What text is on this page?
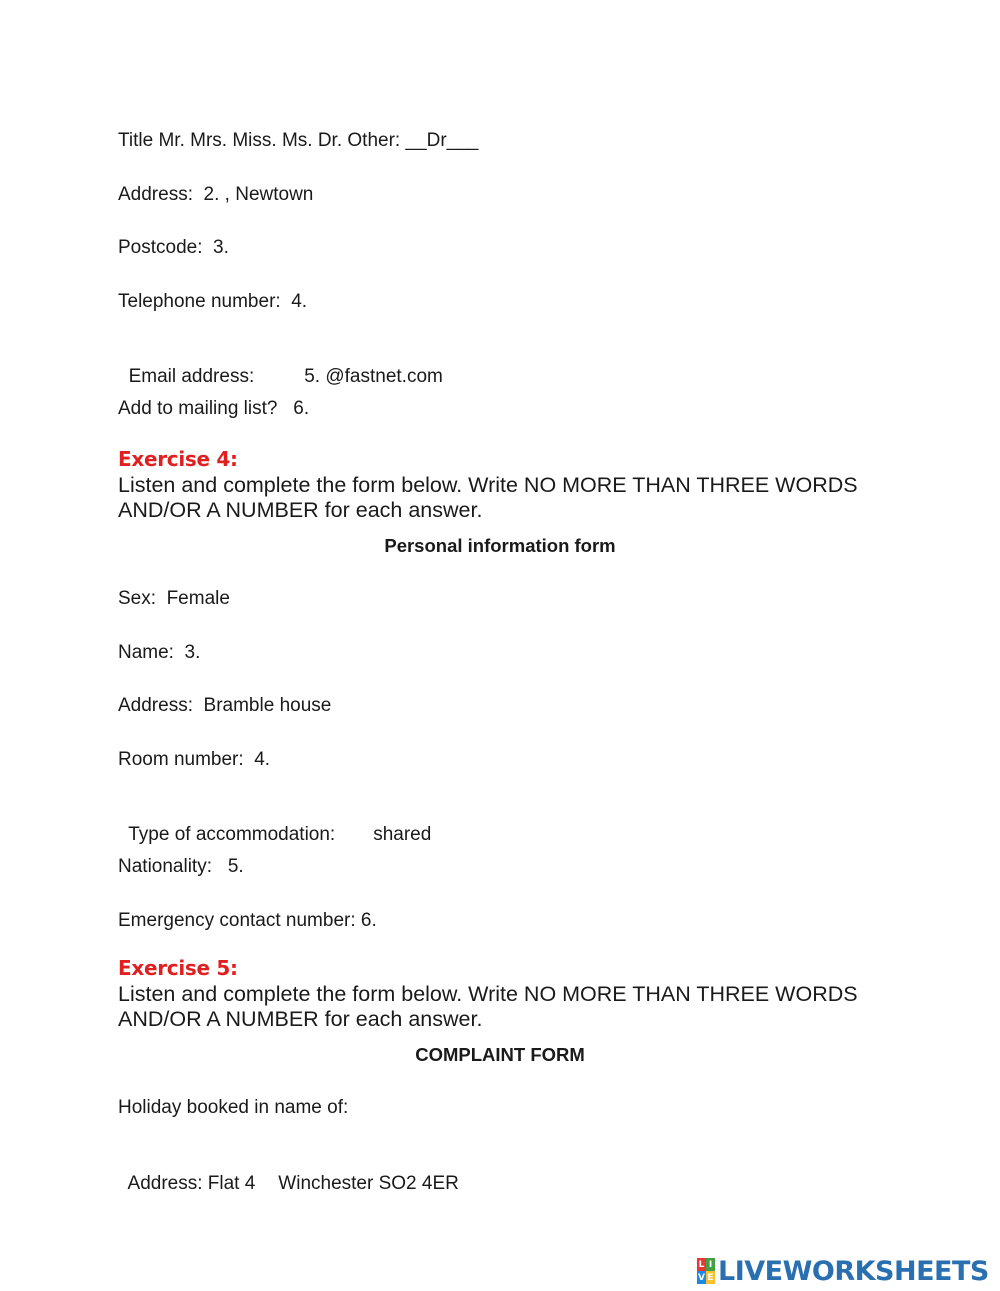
Title Mr. Mrs. Miss. Ms. Dr. Other: __Dr___
Address:  2. , Newtown
Postcode:  3.
Telephone number:  4.

Email address:	5. @fastnet.com

Add to mailing list?   6.
Exercise 4:
Listen and complete the form below. Write NO MORE THAN THREE WORDS AND/OR A NUMBER for each answer.
Personal information form
Sex:  Female
Name:  3.
Address:  Bramble house
Room number:  4.

Type of accommodation: shared

Nationality:   5.
Emergency contact number: 6.
Exercise 5:
Listen and complete the form below. Write NO MORE THAN THREE WORDS AND/OR A NUMBER for each answer.
COMPLAINT FORM
Holiday booked in name of:

Address: Flat 4 Winchester SO2 4ER

L I
V E LIVEWORKSHEETS
